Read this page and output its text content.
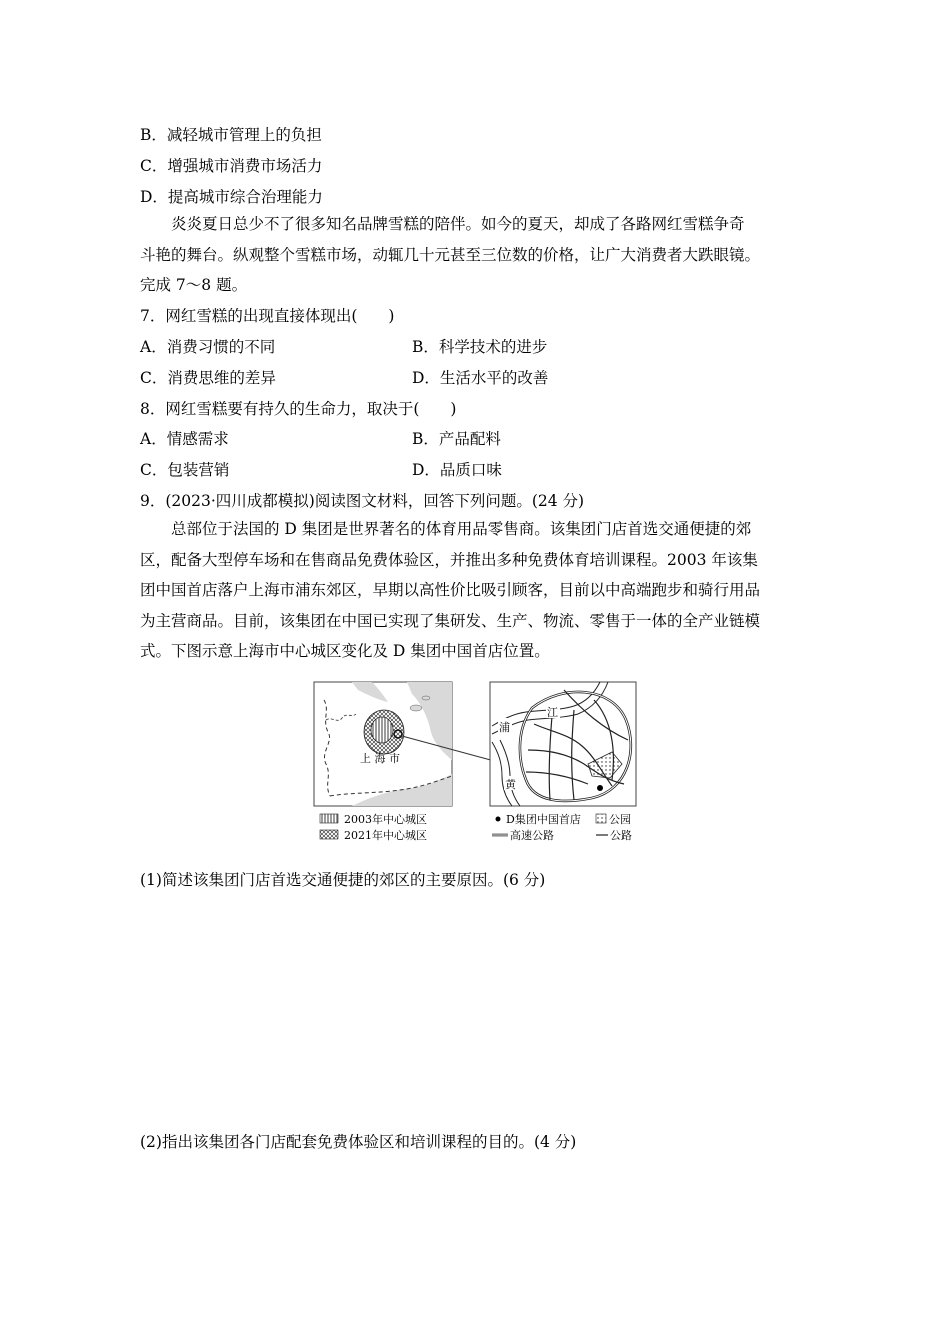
B．减轻城市管理上的负担
C．增强城市消费市场活力
D．提高城市综合治理能力

炎炎夏日总少不了很多知名品牌雪糕的陪伴。如今的夏天，却成了各路网红雪糕争奇

斗艳的舞台。纵观整个雪糕市场，动辄几十元甚至三位数的价格，让广大消费者大跌眼镜。

完成 7～8 题。

7．网红雪糕的出现直接体现出(　　)
A．消费习惯的不同	B．科学技术的进步
C．消费思维的差异	D．生活水平的改善
8．网红雪糕要有持久的生命力，取决于(　　)
A．情感需求	B．产品配料
C．包装营销	D．品质口味
9．(2023·四川成都模拟)阅读图文材料，回答下列问题。(24 分)

总部位于法国的 D 集团是世界著名的体育用品零售商。该集团门店首选交通便捷的郊

区，配备大型停车场和在售商品免费体验区，并推出多种免费体育培训课程。2003 年该集

团中国首店落户上海市浦东郊区，早期以高性价比吸引顾客，目前以中高端跑步和骑行用品

为主营商品。目前，该集团在中国已实现了集研发、生产、物流、零售于一体的全产业链模

式。下图示意上海市中心城区变化及 D 集团中国首店位置。

上 海 市
浦
江
黄
2003年中心城区
2021年中心城区
D集团中国首店	公园
高速公路	公路
(1)简述该集团门店首选交通便捷的郊区的主要原因。(6 分)
(2)指出该集团各门店配套免费体验区和培训课程的目的。(4 分)
